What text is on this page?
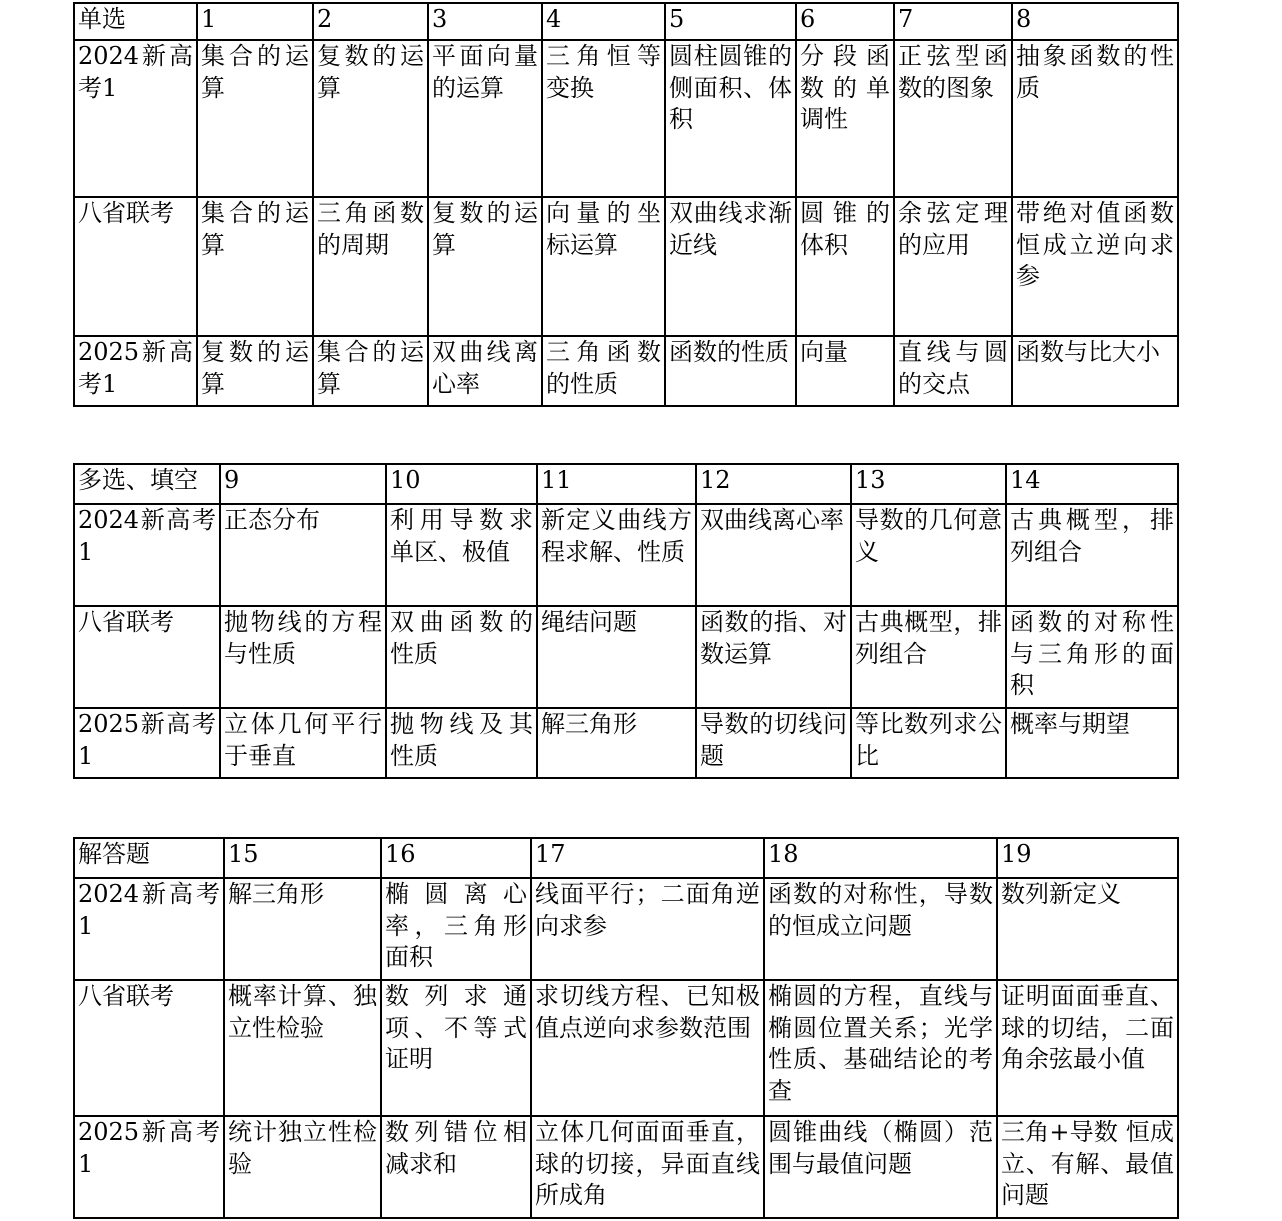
单选	1	2	3	4	5	6	7	8
2024新高考1	集合的运算	复数的运算	平面向量的运算	三角恒等变换	圆柱圆锥的侧面积、体积	分段函数的单调性	正弦型函数的图象	抽象函数的性质
八省联考	集合的运算	三角函数的周期	复数的运算	向量的坐标运算	双曲线求渐近线	圆锥的体积	余弦定理的应用	带绝对值函数恒成立逆向求参
2025新高考1	复数的运算	集合的运算	双曲线离心率	三角函数的性质	函数的性质	向量	直线与圆的交点	函数与比大小
多选、填空	9	10	11	12	13	14
2024新高考1	正态分布	利用导数求单区、极值	新定义曲线方程求解、性质	双曲线离心率	导数的几何意义	古典概型，排列组合
八省联考	抛物线的方程与性质	双曲函数的性质	绳结问题	函数的指、对数运算	古典概型，排列组合	函数的对称性与三角形的面积
2025新高考1	立体几何平行于垂直	抛物线及其性质	解三角形	导数的切线问题	等比数列求公比	概率与期望
解答题	15	16	17	18	19
2024新高考1	解三角形	椭圆离心率，三角形面积	线面平行；二面角逆向求参	函数的对称性，导数的恒成立问题	数列新定义
八省联考	概率计算、独立性检验	数列求通项、不等式证明	求切线方程、已知极值点逆向求参数范围	椭圆的方程，直线与椭圆位置关系；光学性质、基础结论的考查	证明面面垂直、球的切结，二面角余弦最小值
2025新高考1	统计独立性检验	数列错位相减求和	立体几何面面垂直，球的切接，异面直线所成角	圆锥曲线（椭圆）范围与最值问题	三角+导数 恒成立、有解、最值问题
